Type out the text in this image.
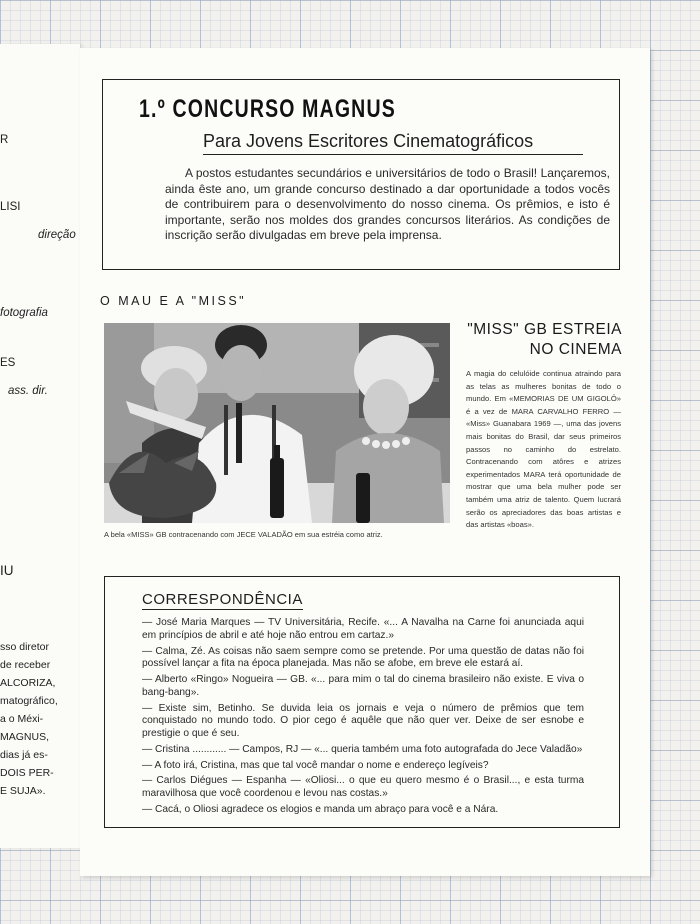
R
LISI
direção
fotografia
ES
ass. dir.
IU
sso diretor
de receber
ALCORIZA,
matográfico,
a o Méxi-
MAGNUS,
dias já es-
DOIS PER-
E SUJA».
1.º CONCURSO MAGNUS
Para Jovens Escritores Cinematográficos
A postos estudantes secundários e universitários de todo o Brasil! Lançaremos, ainda êste ano, um grande concurso destinado a dar oportunidade a todos vocês de contribuirem para o desenvolvimento do nosso cinema. Os prêmios, e isto é importante, serão nos moldes dos grandes concursos literários. As condições de inscrição serão divulgadas em breve pela imprensa.
O MAU E A "MISS"
A bela «MISS» GB contracenando com JECE VALADÃO em sua estréia como atriz.
"MISS" GB ESTREIA
NO CINEMA
A magia do celulóide continua atraindo para as telas as mulheres bonitas de todo o mundo. Em «MEMORIAS DE UM GIGOLÔ» é a vez de MARA CARVALHO FERRO — «Miss» Guanabara 1969 —, uma das jovens mais bonitas do Brasil, dar seus primeiros passos no caminho do estrelato. Contracenando com atôres e atrizes experimentados MARA terá oportunidade de mostrar que uma bela mulher pode ser também uma atriz de talento. Quem lucrará serão os apreciadores das boas artistas e das artistas «boas».
CORRESPONDÊNCIA
— José Maria Marques — TV Universitária, Recife. «... A Navalha na Carne foi anunciada aqui em princípios de abril e até hoje não entrou em cartaz.»
— Calma, Zé. As coisas não saem sempre como se pretende. Por uma questão de datas não foi possível lançar a fita na época planejada. Mas não se afobe, em breve ele estará aí.
— Alberto «Ringo» Nogueira — GB. «... para mim o tal do cinema brasileiro não existe. E viva o bang-bang».
— Existe sim, Betinho. Se duvida leia os jornais e veja o número de prêmios que tem conquistado no mundo todo. O pior cego é aquêle que não quer ver. Deixe de ser esnobe e prestigie o que é seu.
— Cristina ............ — Campos, RJ — «... queria também uma foto autografada do Jece Valadão»
— A foto irá, Cristina, mas que tal você mandar o nome e endereço legíveis?
— Carlos Diégues — Espanha — «Oliosi... o que eu quero mesmo é o Brasil..., e esta turma maravilhosa que você coordenou e levou nas costas.»
— Cacá, o Oliosi agradece os elogios e manda um abraço para você e a Nára.
